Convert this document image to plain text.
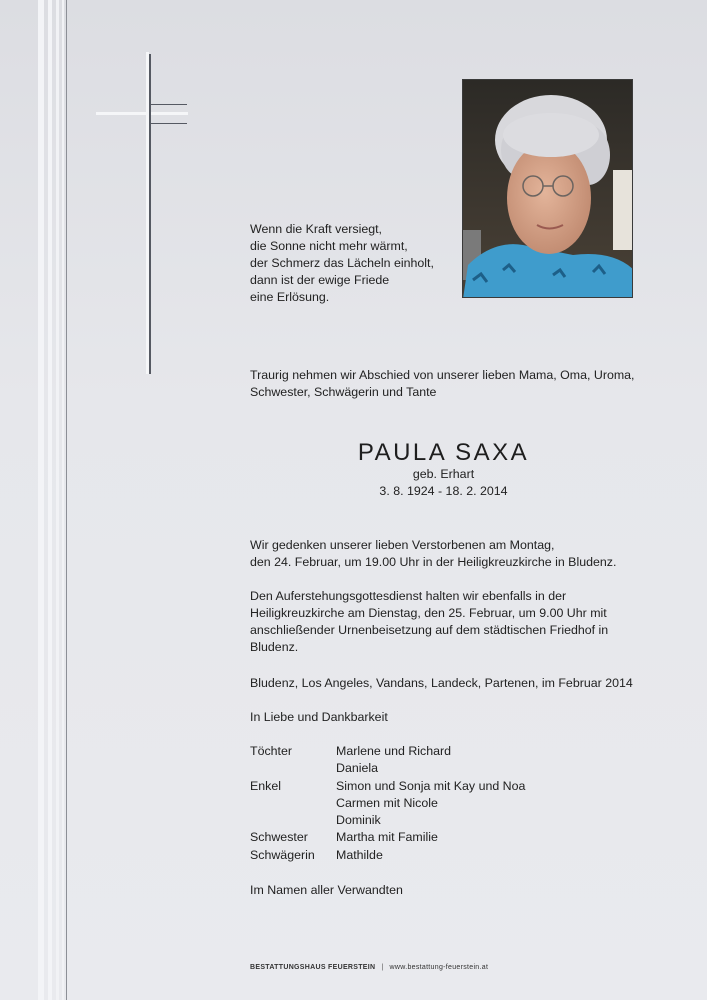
Wenn die Kraft versiegt,
die Sonne nicht mehr wärmt,
der Schmerz das Lächeln einholt,
dann ist der ewige Friede
eine Erlösung.
Traurig nehmen wir Abschied von unserer lieben Mama, Oma, Uroma,
Schwester, Schwägerin und Tante
PAULA SAXA
geb. Erhart
3. 8. 1924 - 18. 2. 2014
Wir gedenken unserer lieben Verstorbenen am Montag,
den 24. Februar, um 19.00 Uhr in der Heiligkreuzkirche in Bludenz.
Den Auferstehungsgottesdienst halten wir ebenfalls in der
Heiligkreuzkirche am Dienstag, den 25. Februar, um 9.00 Uhr mit
anschließender Urnenbeisetzung auf dem städtischen Friedhof in
Bludenz.
Bludenz, Los Angeles, Vandans, Landeck, Partenen, im Februar 2014
In Liebe und Dankbarkeit
Töchter	Marlene und Richard
Daniela
Enkel	Simon und Sonja mit Kay und Noa
Carmen mit Nicole
Dominik
Schwester	Martha mit Familie
Schwägerin	Mathilde
Im Namen aller Verwandten
BESTATTUNGSHAUS FEUERSTEIN | www.bestattung-feuerstein.at
